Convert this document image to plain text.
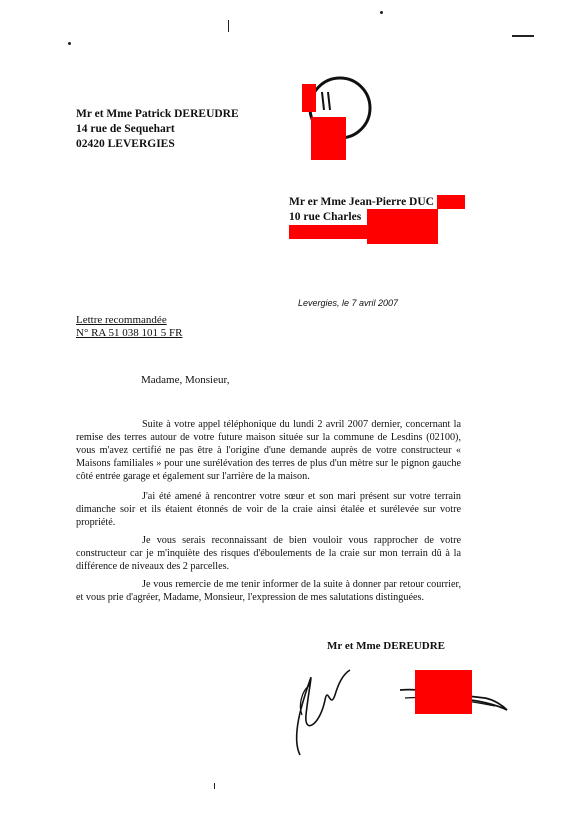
Mr et Mme Patrick DEREUDRE
14 rue de Sequehart
02420 LEVERGIES
Mr er Mme Jean-Pierre DUC
10 rue Charles
Levergies, le 7 avril 2007
Lettre recommandée
N° RA 51 038 101 5 FR
Madame, Monsieur,

Suite à votre appel téléphonique du lundi 2 avril 2007 dernier, concernant la remise des terres autour de votre future maison située sur la commune de Lesdins (02100), vous m'avez certifié ne pas être à l'origine d'une demande auprès de votre constructeur « Maisons familiales » pour une surélévation des terres de plus d'un mètre sur le pignon gauche côté entrée garage et également sur l'arrière de la maison.

J'ai été amené à rencontrer votre sœur et son mari présent sur votre terrain dimanche soir et ils étaient étonnés de voir de la craie ainsi étalée et surélevée sur votre propriété.

Je vous serais reconnaissant de bien vouloir vous rapprocher de votre constructeur car je m'inquiète des risques d'éboulements de la craie sur mon terrain dû à la différence de niveaux des 2 parcelles.

Je vous remercie de me tenir informer de la suite à donner par retour courrier, et vous prie d'agréer, Madame, Monsieur, l'expression de mes salutations distinguées.

Mr et Mme DEREUDRE
